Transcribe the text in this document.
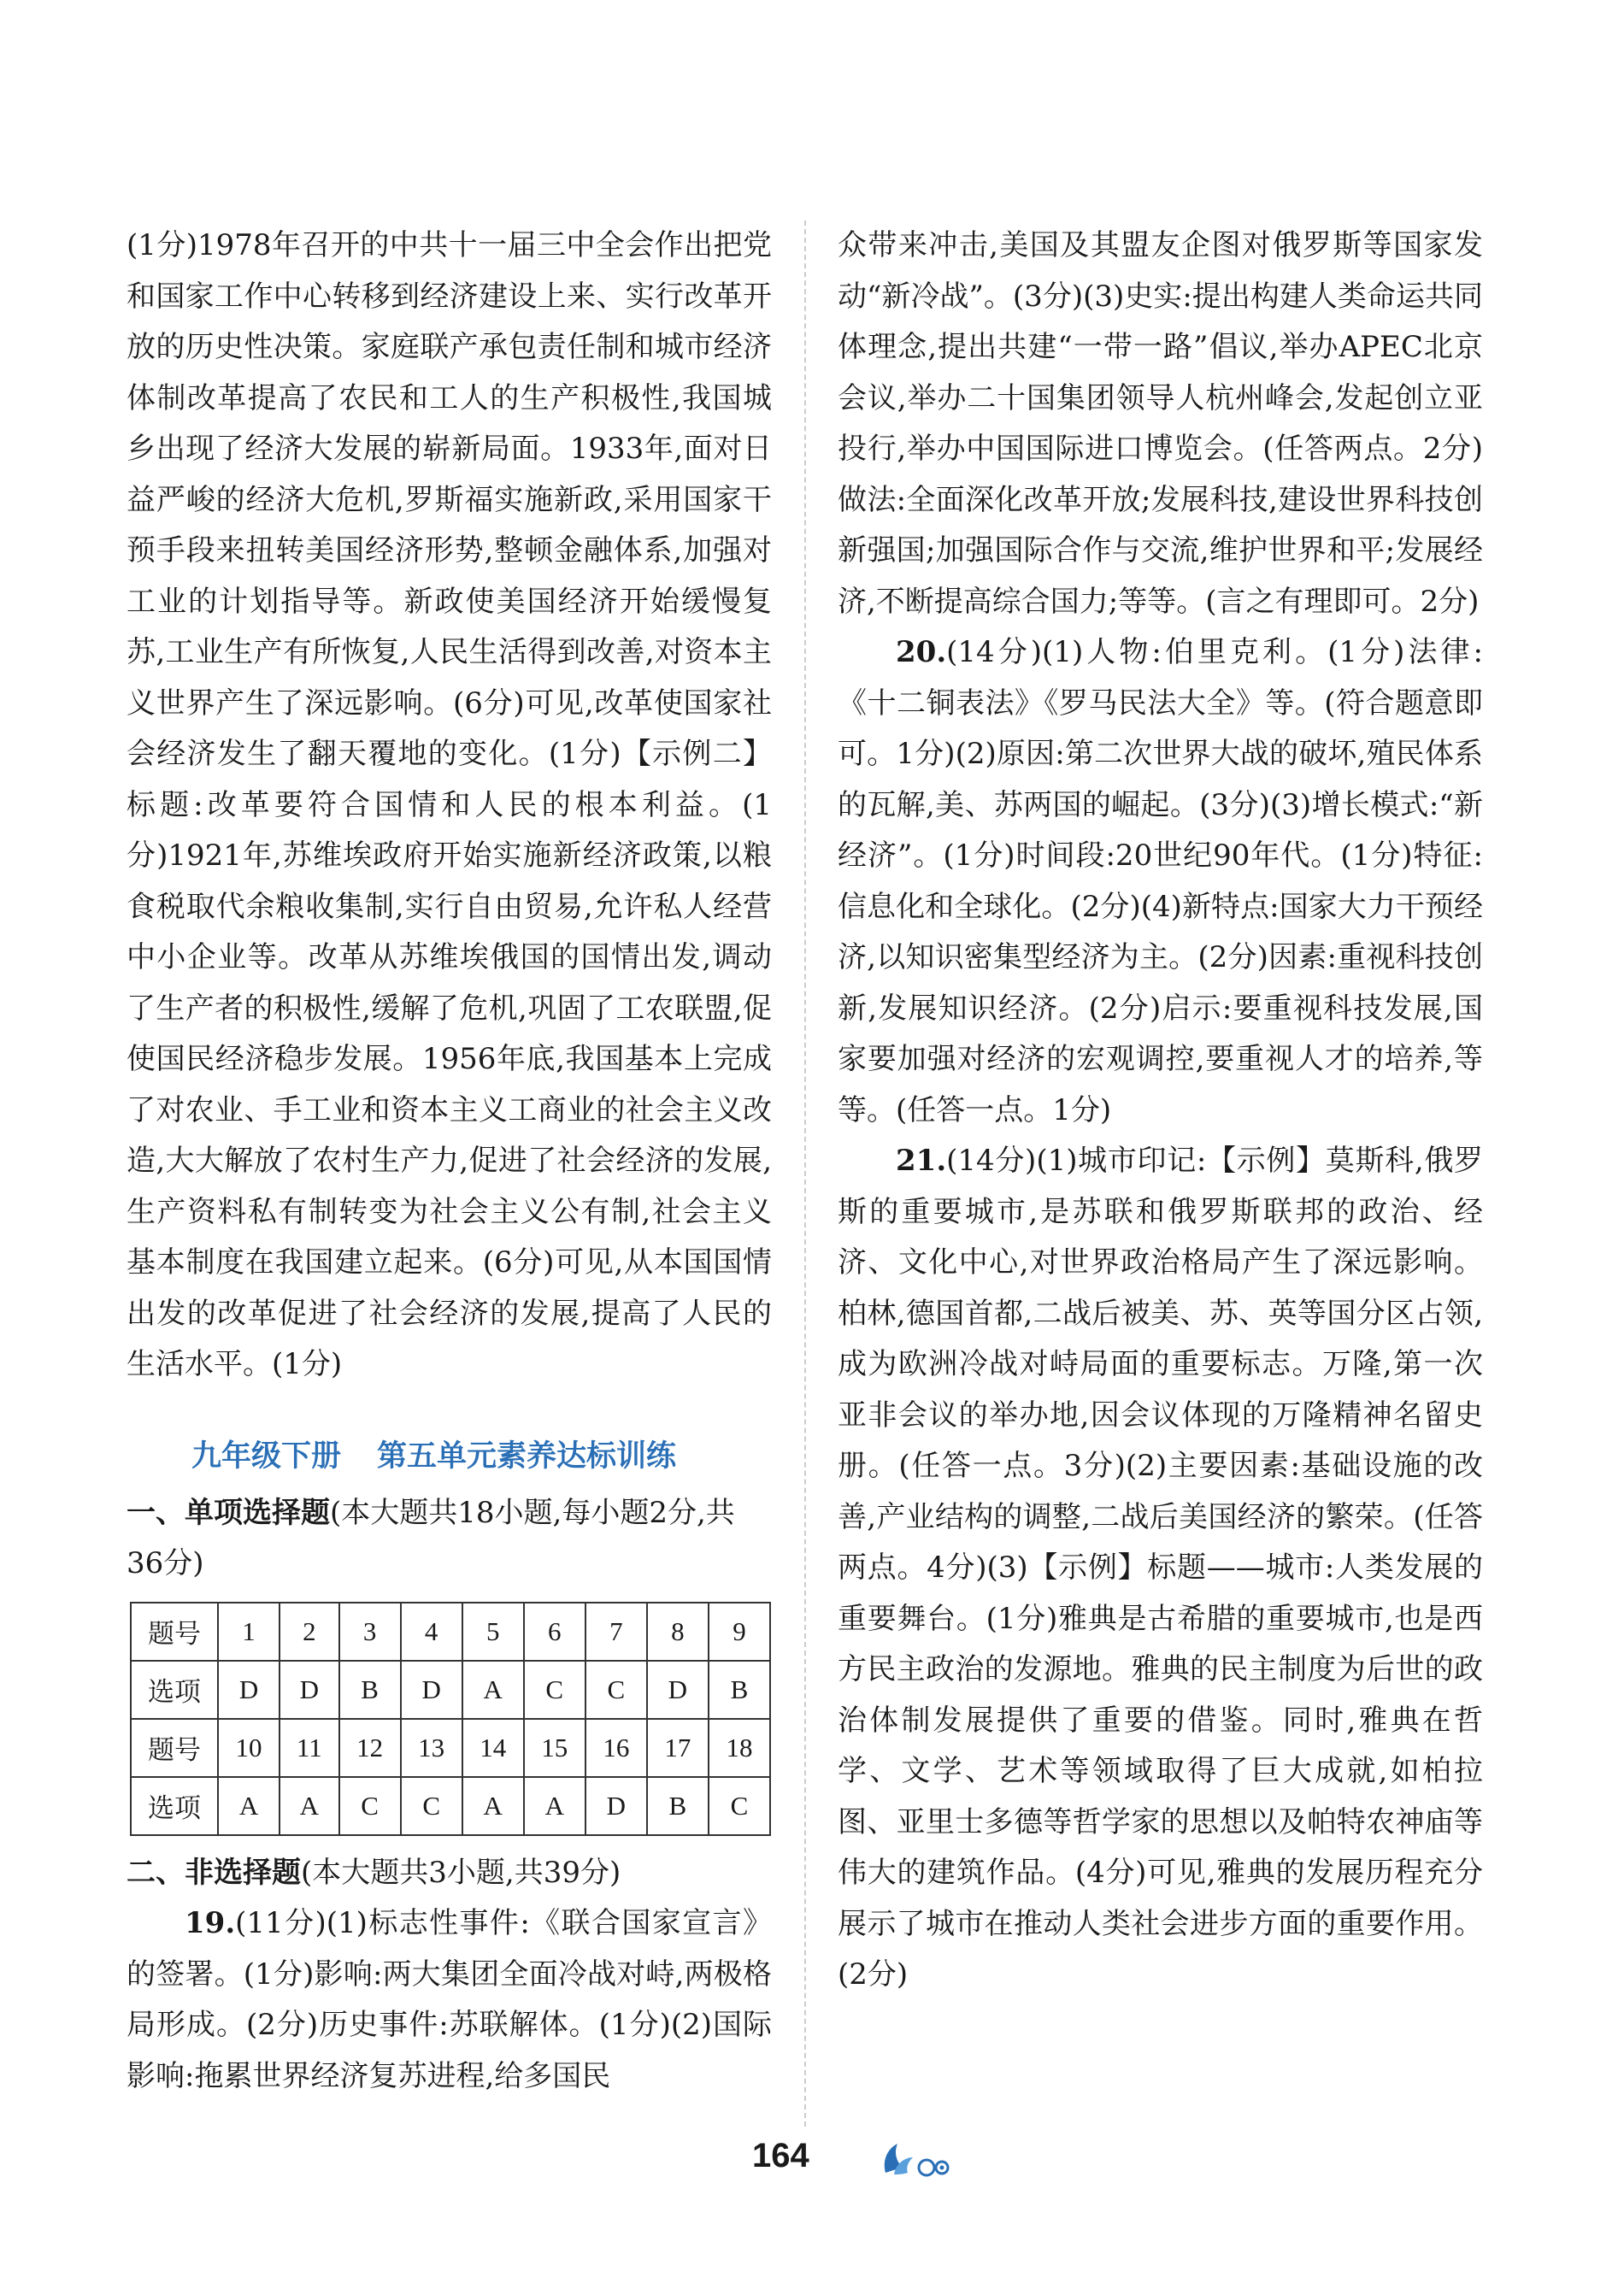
(1分)1978年召开的中共十一届三中全会作出把党和国家工作中心转移到经济建设上来、实行改革开放的历史性决策。家庭联产承包责任制和城市经济体制改革提高了农民和工人的生产积极性,我国城乡出现了经济大发展的崭新局面。1933年,面对日益严峻的经济大危机,罗斯福实施新政,采用国家干预手段来扭转美国经济形势,整顿金融体系,加强对工业的计划指导等。新政使美国经济开始缓慢复苏,工业生产有所恢复,人民生活得到改善,对资本主义世界产生了深远影响。(6分)可见,改革使国家社会经济发生了翻天覆地的变化。(1分)【示例二】标题:改革要符合国情和人民的根本利益。(1分)1921年,苏维埃政府开始实施新经济政策,以粮食税取代余粮收集制,实行自由贸易,允许私人经营中小企业等。改革从苏维埃俄国的国情出发,调动了生产者的积极性,缓解了危机,巩固了工农联盟,促使国民经济稳步发展。1956年底,我国基本上完成了对农业、手工业和资本主义工商业的社会主义改造,大大解放了农村生产力,促进了社会经济的发展,生产资料私有制转变为社会主义公有制,社会主义基本制度在我国建立起来。(6分)可见,从本国国情出发的改革促进了社会经济的发展,提高了人民的生活水平。(1分)

九年级下册 第五单元素养达标训练

一、单项选择题(本大题共18小题,每小题2分,共36分)

题号	1	2	3	4	5	6	7	8	9
选项	D	D	B	D	A	C	C	D	B
题号	10	11	12	13	14	15	16	17	18
选项	A	A	C	C	A	A	D	B	C

二、非选择题(本大题共3小题,共39分)

19.(11分)(1)标志性事件:《联合国家宣言》的签署。(1分)影响:两大集团全面冷战对峙,两极格局形成。(2分)历史事件:苏联解体。(1分)(2)国际影响:拖累世界经济复苏进程,给多国民

众带来冲击,美国及其盟友企图对俄罗斯等国家发动“新冷战”。(3分)(3)史实:提出构建人类命运共同体理念,提出共建“一带一路”倡议,举办APEC北京会议,举办二十国集团领导人杭州峰会,发起创立亚投行,举办中国国际进口博览会。(任答两点。2分)做法:全面深化改革开放;发展科技,建设世界科技创新强国;加强国际合作与交流,维护世界和平;发展经济,不断提高综合国力;等等。(言之有理即可。2分)

20.(14分)(1)人物:伯里克利。(1分)法律:《十二铜表法》《罗马民法大全》等。(符合题意即可。1分)(2)原因:第二次世界大战的破坏,殖民体系的瓦解,美、苏两国的崛起。(3分)(3)增长模式:“新经济”。(1分)时间段:20世纪90年代。(1分)特征:信息化和全球化。(2分)(4)新特点:国家大力干预经济,以知识密集型经济为主。(2分)因素:重视科技创新,发展知识经济。(2分)启示:要重视科技发展,国家要加强对经济的宏观调控,要重视人才的培养,等等。(任答一点。1分)

21.(14分)(1)城市印记:【示例】莫斯科,俄罗斯的重要城市,是苏联和俄罗斯联邦的政治、经济、文化中心,对世界政治格局产生了深远影响。柏林,德国首都,二战后被美、苏、英等国分区占领,成为欧洲冷战对峙局面的重要标志。万隆,第一次亚非会议的举办地,因会议体现的万隆精神名留史册。(任答一点。3分)(2)主要因素:基础设施的改善,产业结构的调整,二战后美国经济的繁荣。(任答两点。4分)(3)【示例】标题——城市:人类发展的重要舞台。(1分)雅典是古希腊的重要城市,也是西方民主政治的发源地。雅典的民主制度为后世的政治体制发展提供了重要的借鉴。同时,雅典在哲学、文学、艺术等领域取得了巨大成就,如柏拉图、亚里士多德等哲学家的思想以及帕特农神庙等伟大的建筑作品。(4分)可见,雅典的发展历程充分展示了城市在推动人类社会进步方面的重要作用。(2分)

164
